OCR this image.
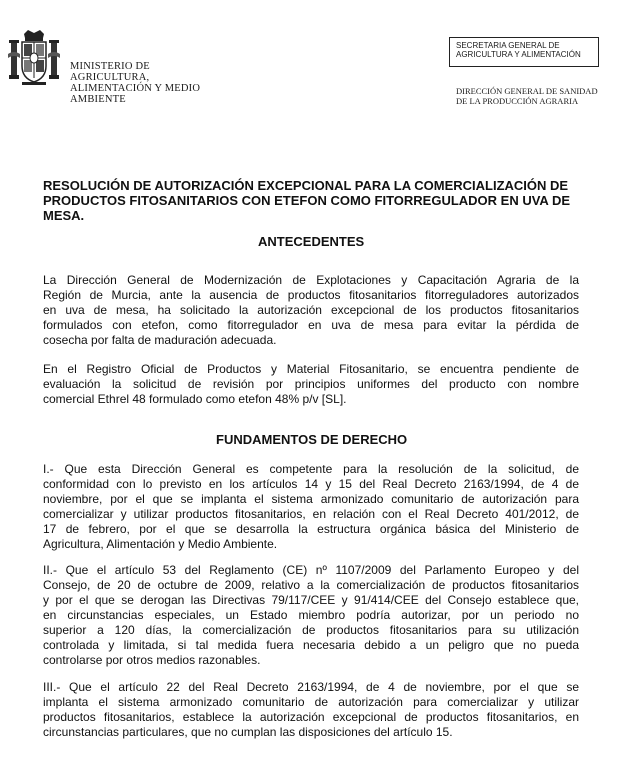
MINISTERIO DE
AGRICULTURA,
ALIMENTACIÓN Y MEDIO
AMBIENTE
SECRETARIA GENERAL DE
AGRICULTURA Y ALIMENTACIÓN
DIRECCIÓN GENERAL DE SANIDAD
DE LA PRODUCCIÓN AGRARIA
RESOLUCIÓN DE AUTORIZACIÓN EXCEPCIONAL PARA LA COMERCIALIZACIÓN DE
PRODUCTOS FITOSANITARIOS CON ETEFON COMO FITORREGULADOR EN UVA DE
MESA.
ANTECEDENTES

La Dirección General de Modernización de Explotaciones y Capacitación Agraria de la
Región de Murcia, ante la ausencia de productos fitosanitarios fitorreguladores autorizados
en uva de mesa, ha solicitado la autorización excepcional de los productos fitosanitarios
formulados con etefon, como fitorregulador en uva de mesa para evitar la pérdida de
cosecha por falta de maduración adecuada.

En el Registro Oficial de Productos y Material Fitosanitario, se encuentra pendiente de
evaluación la solicitud de revisión por principios uniformes del producto con nombre
comercial Ethrel 48 formulado como etefon 48% p/v [SL].

FUNDAMENTOS DE DERECHO

I.- Que esta Dirección General es competente para la resolución de la solicitud, de
conformidad con lo previsto en los artículos 14 y 15 del Real Decreto 2163/1994, de 4 de
noviembre, por el que se implanta el sistema armonizado comunitario de autorización para
comercializar y utilizar productos fitosanitarios, en relación con el Real Decreto 401/2012, de
17 de febrero, por el que se desarrolla la estructura orgánica básica del Ministerio de
Agricultura, Alimentación y Medio Ambiente.

II.- Que el artículo 53 del Reglamento (CE) nº 1107/2009 del Parlamento Europeo y del
Consejo, de 20 de octubre de 2009, relativo a la comercialización de productos fitosanitarios
y por el que se derogan las Directivas 79/117/CEE y 91/414/CEE del Consejo establece que,
en circunstancias especiales, un Estado miembro podría autorizar, por un periodo no
superior a 120 días, la comercialización de productos fitosanitarios para su utilización
controlada y limitada, si tal medida fuera necesaria debido a un peligro que no pueda
controlarse por otros medios razonables.

III.- Que el artículo 22 del Real Decreto 2163/1994, de 4 de noviembre, por el que se
implanta el sistema armonizado comunitario de autorización para comercializar y utilizar
productos fitosanitarios, establece la autorización excepcional de productos fitosanitarios, en
circunstancias particulares, que no cumplan las disposiciones del artículo 15.
